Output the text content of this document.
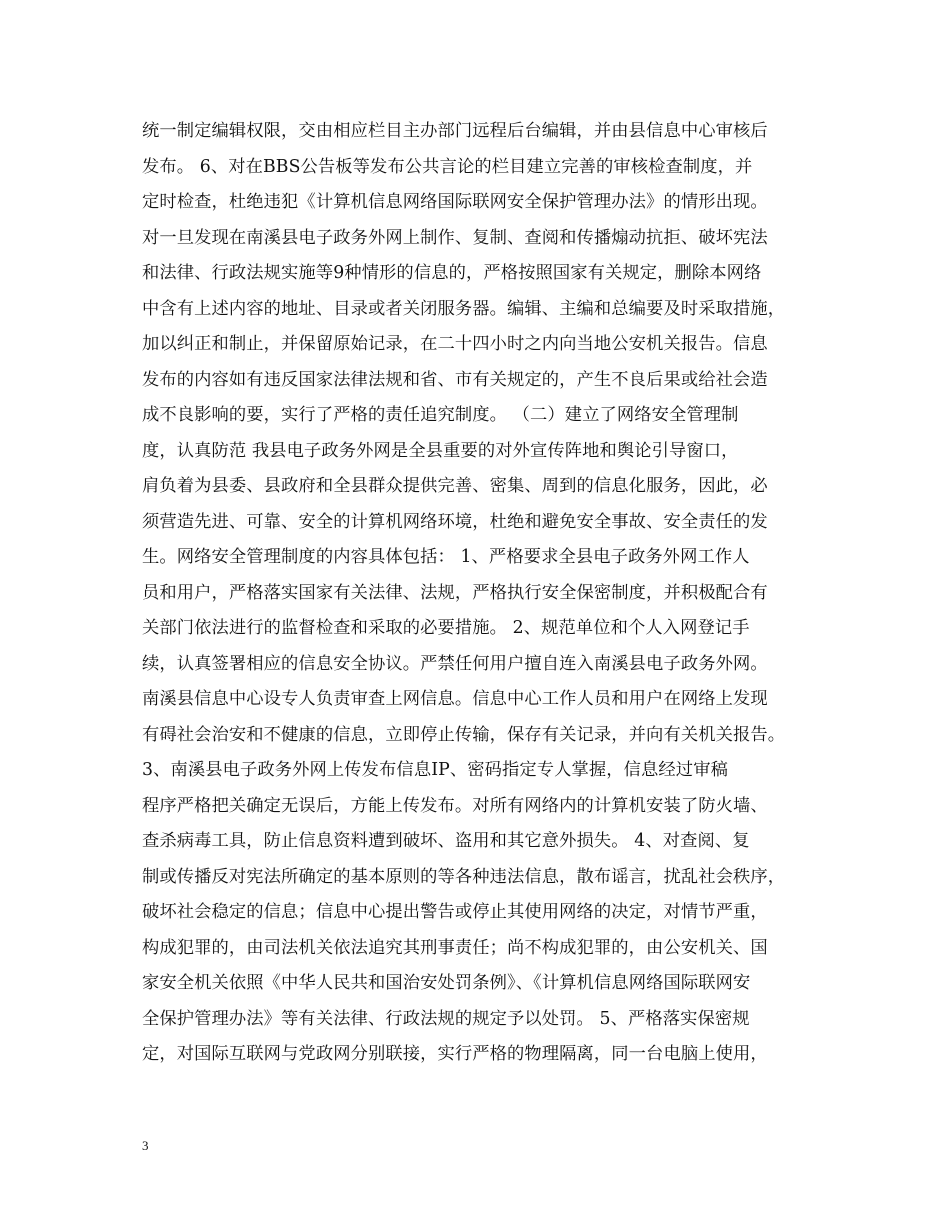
统一制定编辑权限，交由相应栏目主办部门远程后台编辑，并由县信息中心审核后
发布。 6、对在BBS公告板等发布公共言论的栏目建立完善的审核检查制度，并
定时检查，杜绝违犯《计算机信息网络国际联网安全保护管理办法》的情形出现。
对一旦发现在南溪县电子政务外网上制作、复制、查阅和传播煽动抗拒、破坏宪法
和法律、行政法规实施等9种情形的信息的，严格按照国家有关规定，删除本网络
中含有上述内容的地址、目录或者关闭服务器。编辑、主编和总编要及时采取措施，
加以纠正和制止，并保留原始记录，在二十四小时之内向当地公安机关报告。信息
发布的内容如有违反国家法律法规和省、市有关规定的，产生不良后果或给社会造
成不良影响的要，实行了严格的责任追究制度。 （二）建立了网络安全管理制
度，认真防范 我县电子政务外网是全县重要的对外宣传阵地和舆论引导窗口，
肩负着为县委、县政府和全县群众提供完善、密集、周到的信息化服务，因此，必
须营造先进、可靠、安全的计算机网络环境，杜绝和避免安全事故、安全责任的发
生。网络安全管理制度的内容具体包括： 1、严格要求全县电子政务外网工作人
员和用户，严格落实国家有关法律、法规，严格执行安全保密制度，并积极配合有
关部门依法进行的监督检查和采取的必要措施。 2、规范单位和个人入网登记手
续，认真签署相应的信息安全协议。严禁任何用户擅自连入南溪县电子政务外网。
南溪县信息中心设专人负责审查上网信息。信息中心工作人员和用户在网络上发现
有碍社会治安和不健康的信息，立即停止传输，保存有关记录，并向有关机关报告。
3、南溪县电子政务外网上传发布信息IP、密码指定专人掌握，信息经过审稿
程序严格把关确定无误后，方能上传发布。对所有网络内的计算机安装了防火墙、
查杀病毒工具，防止信息资料遭到破坏、盗用和其它意外损失。 4、对查阅、复
制或传播反对宪法所确定的基本原则的等各种违法信息，散布谣言，扰乱社会秩序，
破坏社会稳定的信息；信息中心提出警告或停止其使用网络的决定，对情节严重，
构成犯罪的，由司法机关依法追究其刑事责任；尚不构成犯罪的，由公安机关、国
家安全机关依照《中华人民共和国治安处罚条例》、《计算机信息网络国际联网安
全保护管理办法》等有关法律、行政法规的规定予以处罚。 5、严格落实保密规
定，对国际互联网与党政网分别联接，实行严格的物理隔离，同一台电脑上使用，
3
